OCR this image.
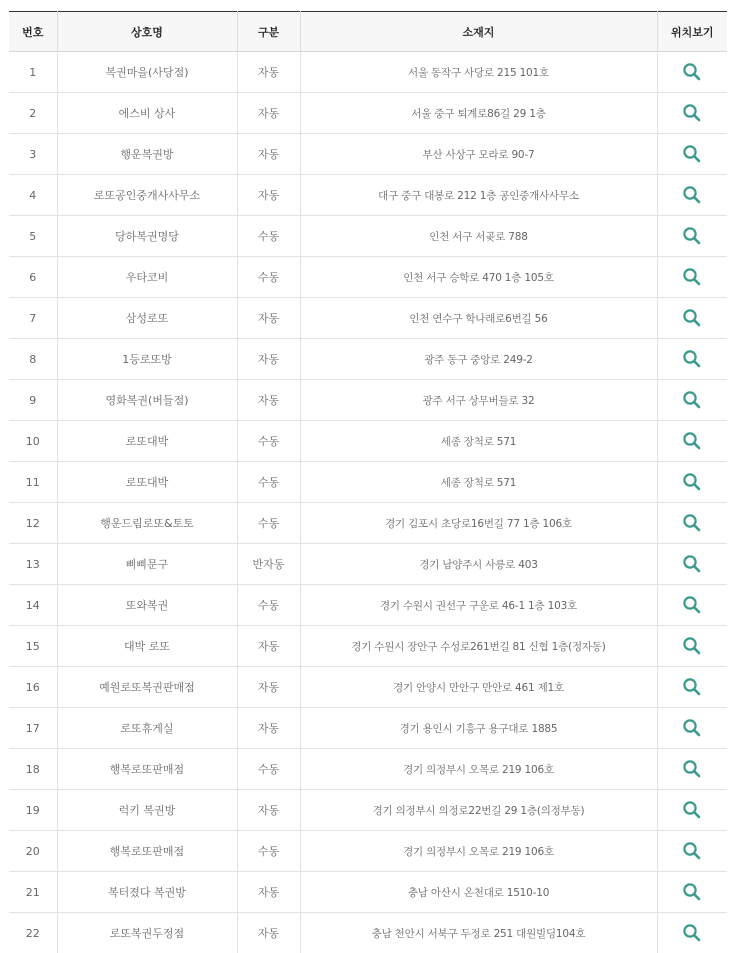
번호	상호명	구분	소재지	위치보기
1	복권마을(사당점)	자동	서울 동작구 사당로 215 101호	

2	에스비 상사	자동	서울 중구 퇴계로86길 29 1층	

3	행운복권방	자동	부산 사상구 모라로 90-7	

4	로또공인중개사사무소	자동	대구 중구 대봉로 212 1층 공인중개사사무소	

5	당하복권명당	수동	인천 서구 서곶로 788	

6	우타코비	수동	인천 서구 승학로 470 1층 105호	

7	삼성로또	자동	인천 연수구 학나래로6번길 56	

8	1등로또방	자동	광주 동구 중앙로 249-2	

9	영화복권(버들점)	자동	광주 서구 상무버들로 32	

10	로또대박	수동	세종 장척로 571	

11	로또대박	수동	세종 장척로 571	

12	행운드림로또&토토	수동	경기 김포시 초당로16번길 77 1층 106호	

13	삐삐문구	반자동	경기 남양주시 사릉로 403	

14	또와복권	수동	경기 수원시 권선구 구운로 46-1 1층 103호	

15	대박 로또	자동	경기 수원시 장안구 수성로261번길 81 신협 1층(정자동)	

16	예원로또복권판매점	자동	경기 안양시 만안구 만안로 461 제1호	

17	로또휴게실	자동	경기 용인시 기흥구 용구대로 1885	

18	행복로또판매점	수동	경기 의정부시 오목로 219 106호	

19	럭키 복권방	자동	경기 의정부시 의정로22번길 29 1층(의정부동)	

20	행복로또판매점	수동	경기 의정부시 오목로 219 106호	

21	복터졌다 복권방	자동	충남 아산시 온천대로 1510-10	

22	로또복권두정점	자동	충남 천안시 서북구 두정로 251 대원빌딩104호	
